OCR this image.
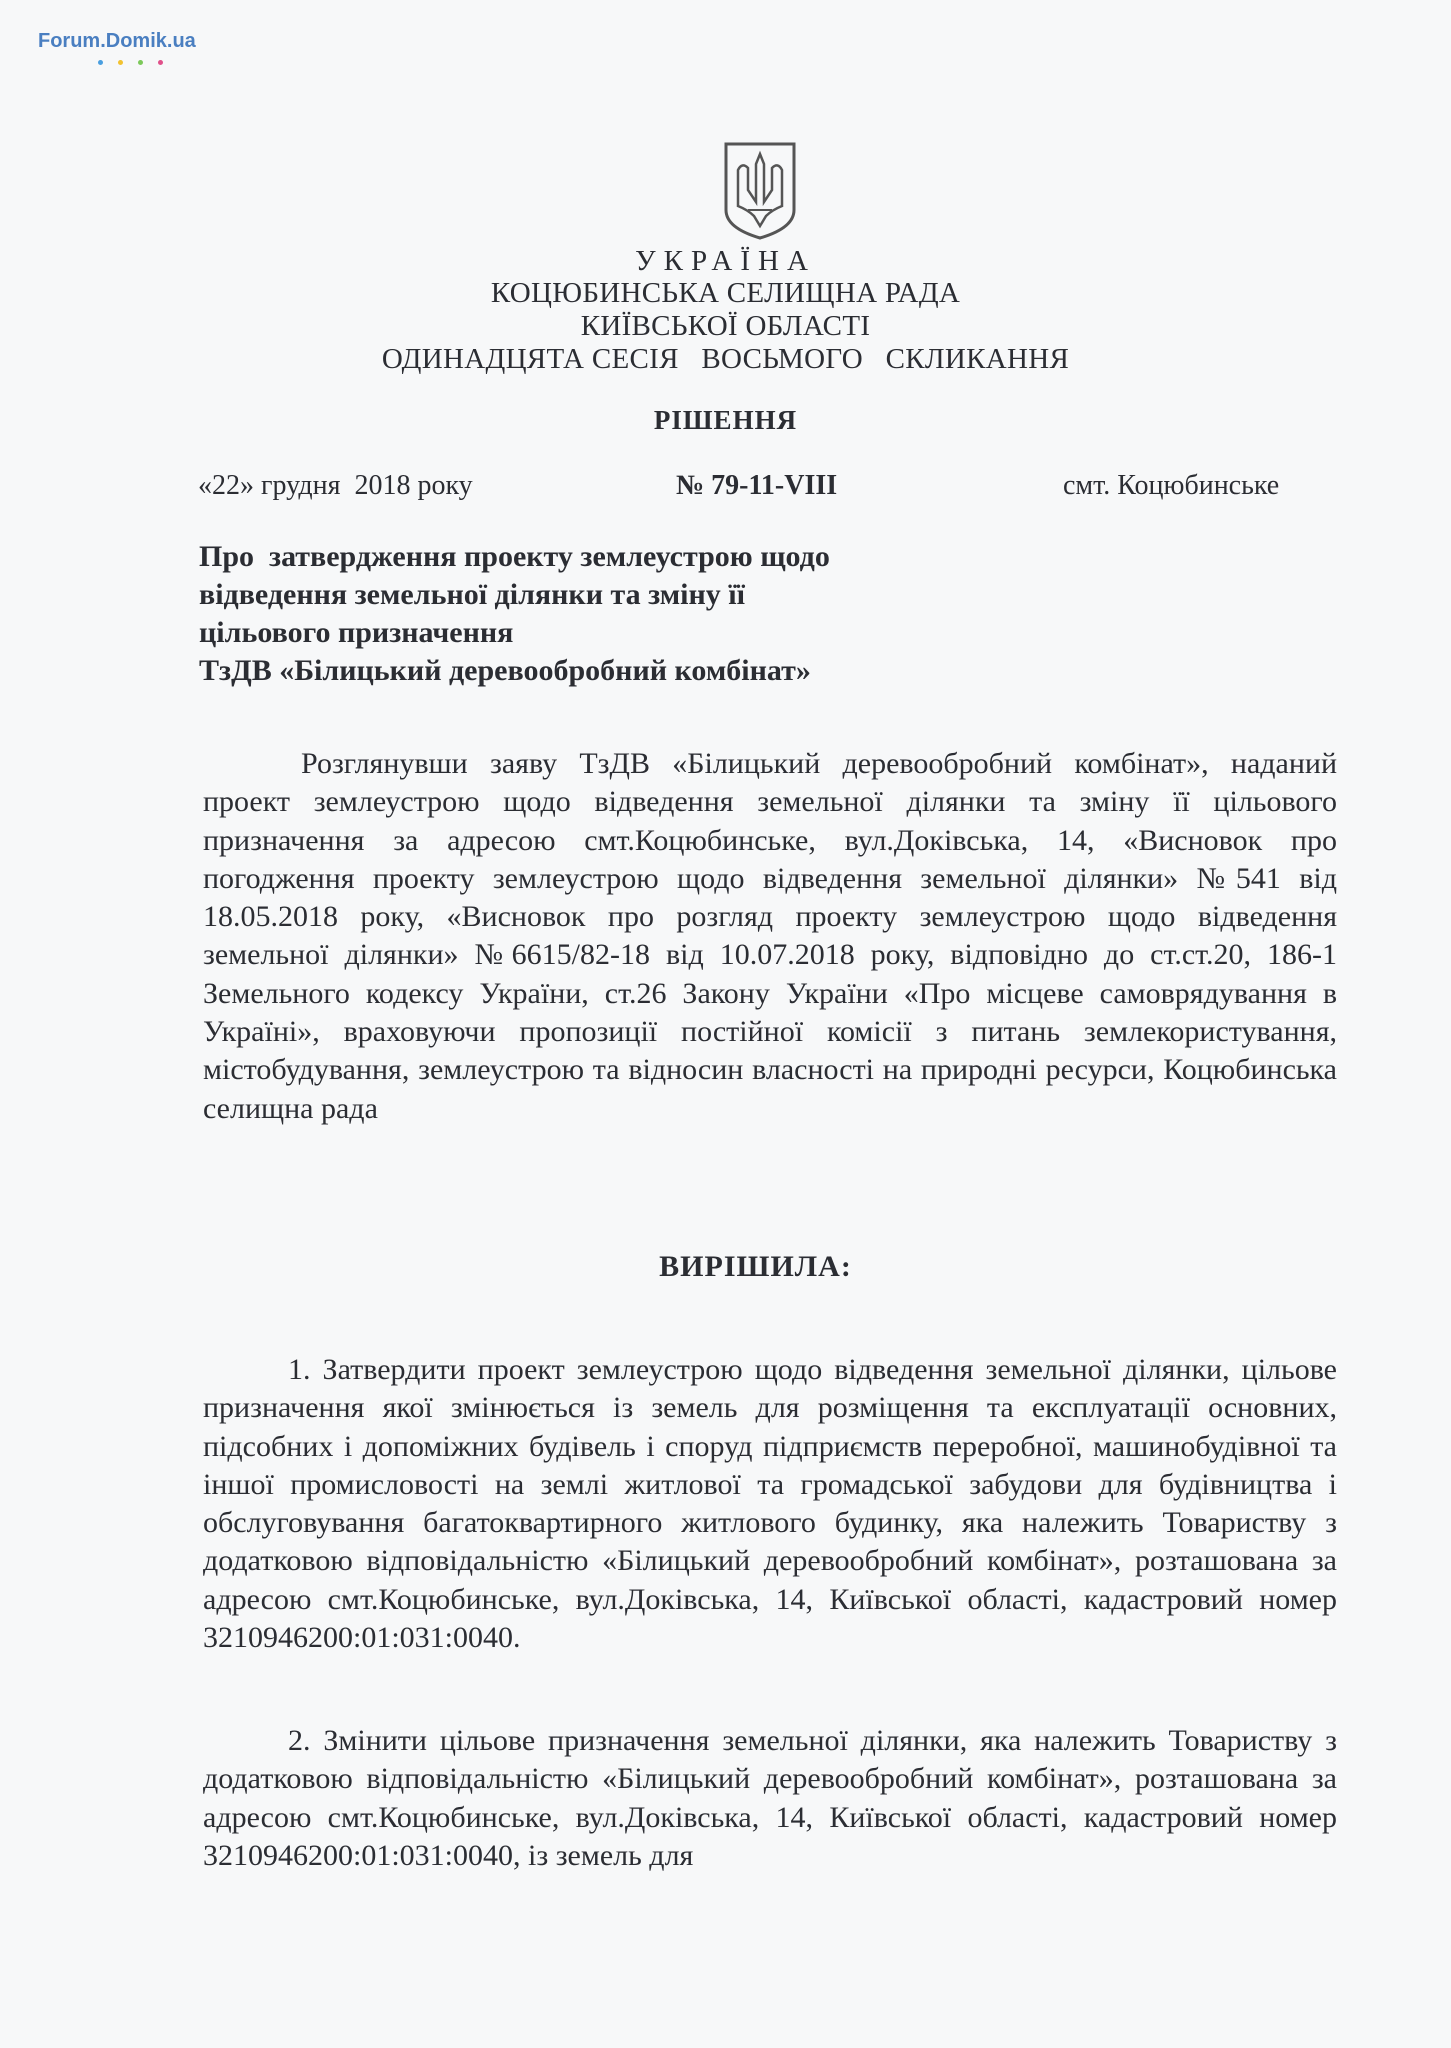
Forum.Domik.ua
УКРАЇНА
КОЦЮБИНСЬКА СЕЛИЩНА РАДА
КИЇВСЬКОЇ ОБЛАСТІ
ОДИНАДЦЯТА СЕСІЯ   ВОСЬМОГО   СКЛИКАННЯ
РІШЕННЯ
«22» грудня  2018 року	№ 79-11-VIII	смт. Коцюбинське
Про  затвердження проекту землеустрою щодо
відведення земельної ділянки та зміну її
цільового призначення
ТзДВ «Білицький деревообробний комбінат»
Розглянувши заяву ТзДВ «Білицький деревообробний комбінат», наданий проект землеустрою щодо відведення земельної ділянки та зміну її цільового призначення за адресою смт.Коцюбинське, вул.Доківська, 14, «Висновок про погодження проекту землеустрою щодо відведення земельної ділянки» №541 від 18.05.2018 року, «Висновок про розгляд проекту землеустрою щодо відведення земельної ділянки» №6615/82-18 від 10.07.2018 року, відповідно до ст.ст.20, 186-1 Земельного кодексу України, ст.26 Закону України «Про місцеве самоврядування в Україні», враховуючи пропозиції постійної комісії з питань землекористування, містобудування, землеустрою та відносин власності на природні ресурси, Коцюбинська селищна рада
ВИРІШИЛА:
1. Затвердити проект землеустрою щодо відведення земельної ділянки, цільове призначення якої змінюється із земель для розміщення та експлуатації основних, підсобних і допоміжних будівель і споруд підприємств переробної, машинобудівної та іншої промисловості на землі житлової та громадської забудови для будівництва і обслуговування багатоквартирного житлового будинку, яка належить Товариству з додатковою відповідальністю «Білицький деревообробний комбінат», розташована за адресою смт.Коцюбинське, вул.Доківська, 14, Київської області, кадастровий номер 3210946200:01:031:0040.
2. Змінити цільове призначення земельної ділянки, яка належить Товариству з додатковою відповідальністю «Білицький деревообробний комбінат», розташована за адресою смт.Коцюбинське, вул.Доківська, 14, Київської області, кадастровий номер 3210946200:01:031:0040, із земель для
